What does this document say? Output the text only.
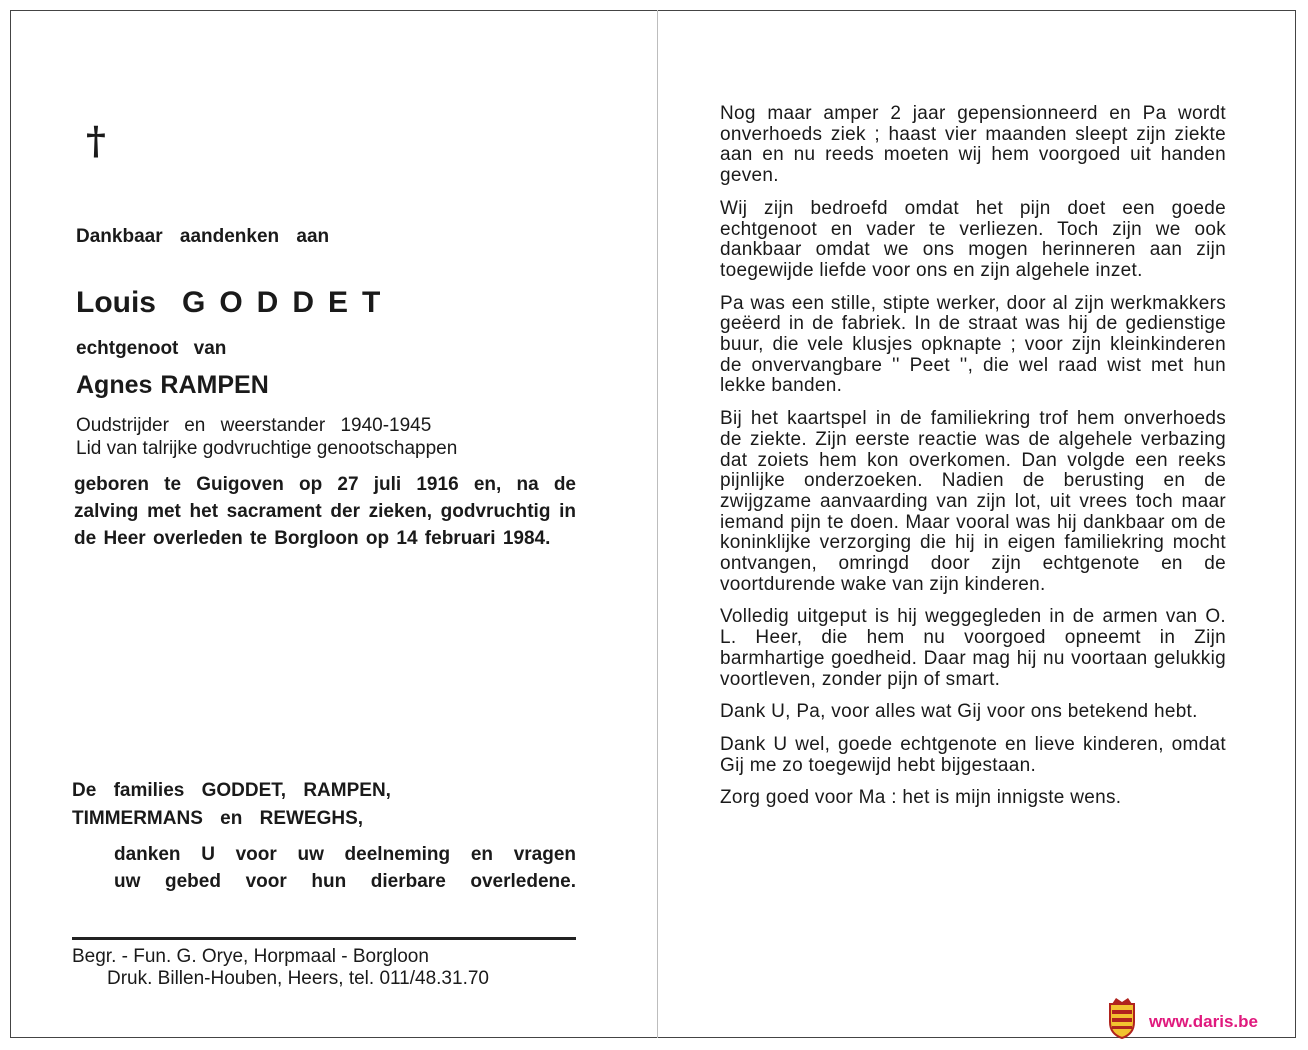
†
Dankbaar aandenken aan
Louis GODDET
echtgenoot van
Agnes RAMPEN
Oudstrijder en weerstander 1940-1945
Lid van talrijke godvruchtige genootschappen
geboren te Guigoven op 27 juli 1916 en, na de zalving met het sacrament der zieken, godvruchtig in de Heer overleden te Borgloon op 14 februari 1984.
De families GODDET, RAMPEN,
TIMMERMANS en REWEGHS,
danken U voor uw deelneming en vragen
uw gebed voor hun dierbare overledene.
Begr. - Fun. G. Orye, Horpmaal - Borgloon
Druk. Billen-Houben, Heers, tel. 011/48.31.70

Nog maar amper 2 jaar gepensionneerd en Pa wordt onverhoeds ziek ; haast vier maanden sleept zijn ziekte aan en nu reeds moeten wij hem voorgoed uit handen geven.

Wij zijn bedroefd omdat het pijn doet een goede echtgenoot en vader te verliezen. Toch zijn we ook dankbaar omdat we ons mogen herinneren aan zijn toegewijde liefde voor ons en zijn algehele inzet.

Pa was een stille, stipte werker, door al zijn werkmakkers geëerd in de fabriek. In de straat was hij de gedienstige buur, die vele klusjes opknapte ; voor zijn kleinkinderen de onvervangbare '' Peet '', die wel raad wist met hun lekke banden.

Bij het kaartspel in de familiekring trof hem onverhoeds de ziekte. Zijn eerste reactie was de algehele verbazing dat zoiets hem kon overkomen. Dan volgde een reeks pijnlijke onderzoeken. Nadien de berusting en de zwijgzame aanvaarding van zijn lot, uit vrees toch maar iemand pijn te doen. Maar vooral was hij dankbaar om de koninklijke verzorging die hij in eigen familiekring mocht ontvangen, omringd door zijn echtgenote en de voortdurende wake van zijn kinderen.

Volledig uitgeput is hij weggegleden in de armen van O. L. Heer, die hem nu voorgoed opneemt in Zijn barmhartige goedheid. Daar mag hij nu voortaan gelukkig voortleven, zonder pijn of smart.

Dank U, Pa, voor alles wat Gij voor ons betekend hebt.

Dank U wel, goede echtgenote en lieve kinderen, omdat Gij me zo toegewijd hebt bijgestaan.

Zorg goed voor Ma : het is mijn innigste wens.

www.daris.be
